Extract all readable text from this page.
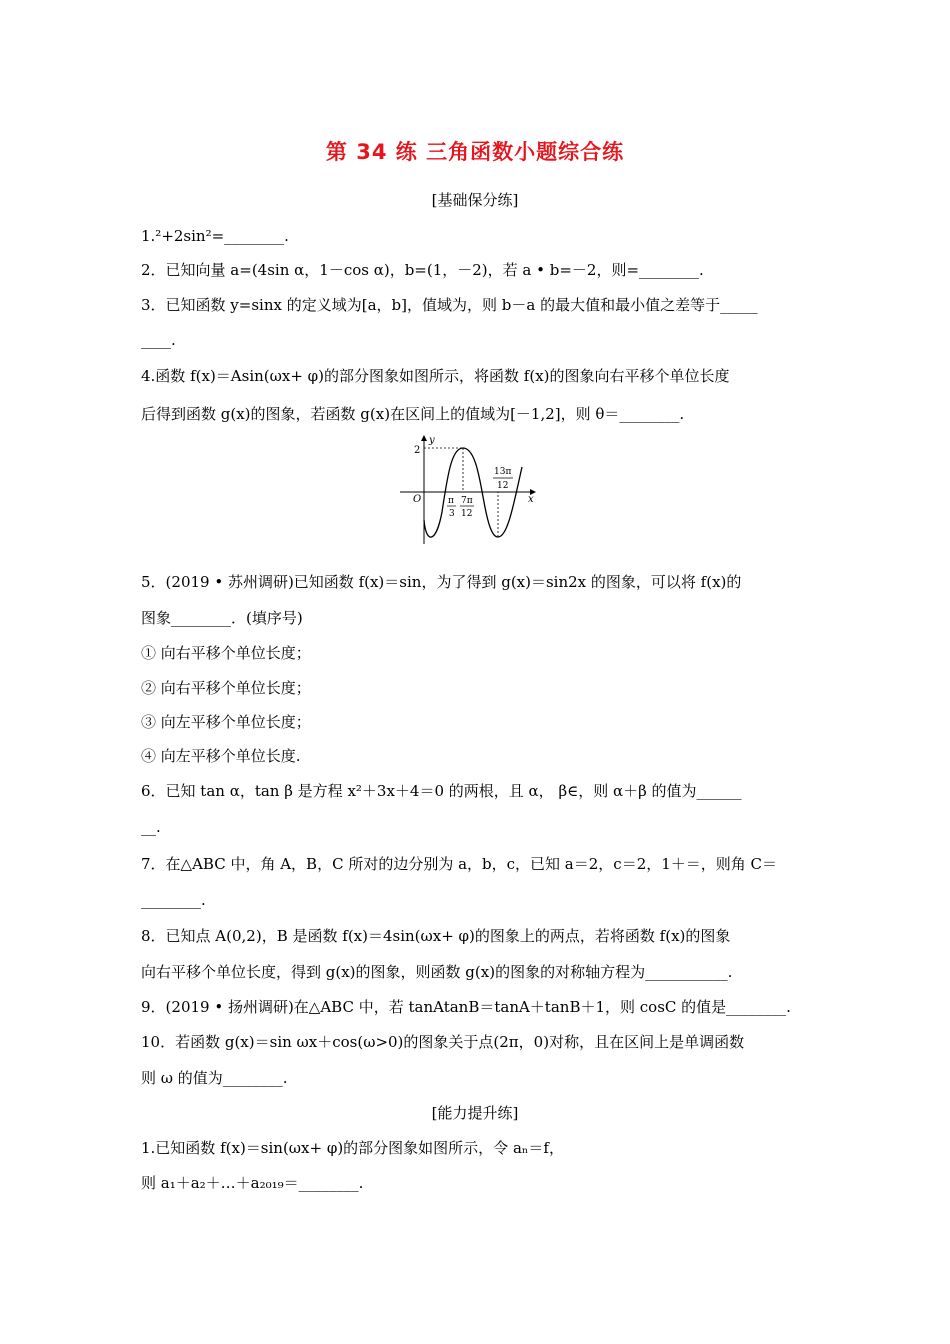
第 34 练 三角函数小题综合练
[基础保分练]
1.²+2sin²=________.
2．已知向量 a=(4sin α，1－cos α)，b=(1，－2)，若 a • b=－2，则=________.
3．已知函数 y=sinx 的定义域为[a，b]，值域为，则 b－a 的最大值和最小值之差等于_____
____.
4.函数 f(x)＝Asin(ωx+ φ)的部分图象如图所示，将函数 f(x)的图象向右平移个单位长度
后得到函数 g(x)的图象，若函数 g(x)在区间上的值域为[－1,2]，则 θ＝________.
y
x
O
2
π
3
7π
12
13π
12
5．(2019 • 苏州调研)已知函数 f(x)＝sin，为了得到 g(x)＝sin2x 的图象，可以将 f(x)的
图象________．(填序号)
① 向右平移个单位长度；
② 向右平移个单位长度；
③ 向左平移个单位长度；
④ 向左平移个单位长度.
6．已知 tan α，tan β 是方程 x²＋3x＋4＝0 的两根，且 α， β∈，则 α＋β 的值为______
__.
7．在△ABC 中，角 A，B，C 所对的边分别为 a，b，c，已知 a＝2，c＝2，1＋＝，则角 C＝
________.
8．已知点 A(0,2)，B 是函数 f(x)＝4sin(ωx+ φ)的图象上的两点，若将函数 f(x)的图象
向右平移个单位长度，得到 g(x)的图象，则函数 g(x)的图象的对称轴方程为___________.
9．(2019 • 扬州调研)在△ABC 中，若 tanAtanB＝tanA＋tanB＋1，则 cosC 的值是________.
10．若函数 g(x)＝sin ωx＋cos(ω>0)的图象关于点(2π，0)对称，且在区间上是单调函数
则 ω 的值为________.
[能力提升练]
1.已知函数 f(x)＝sin(ωx+ φ)的部分图象如图所示，令 aₙ＝f，
则 a₁＋a₂＋…＋a₂₀₁₉＝________.
